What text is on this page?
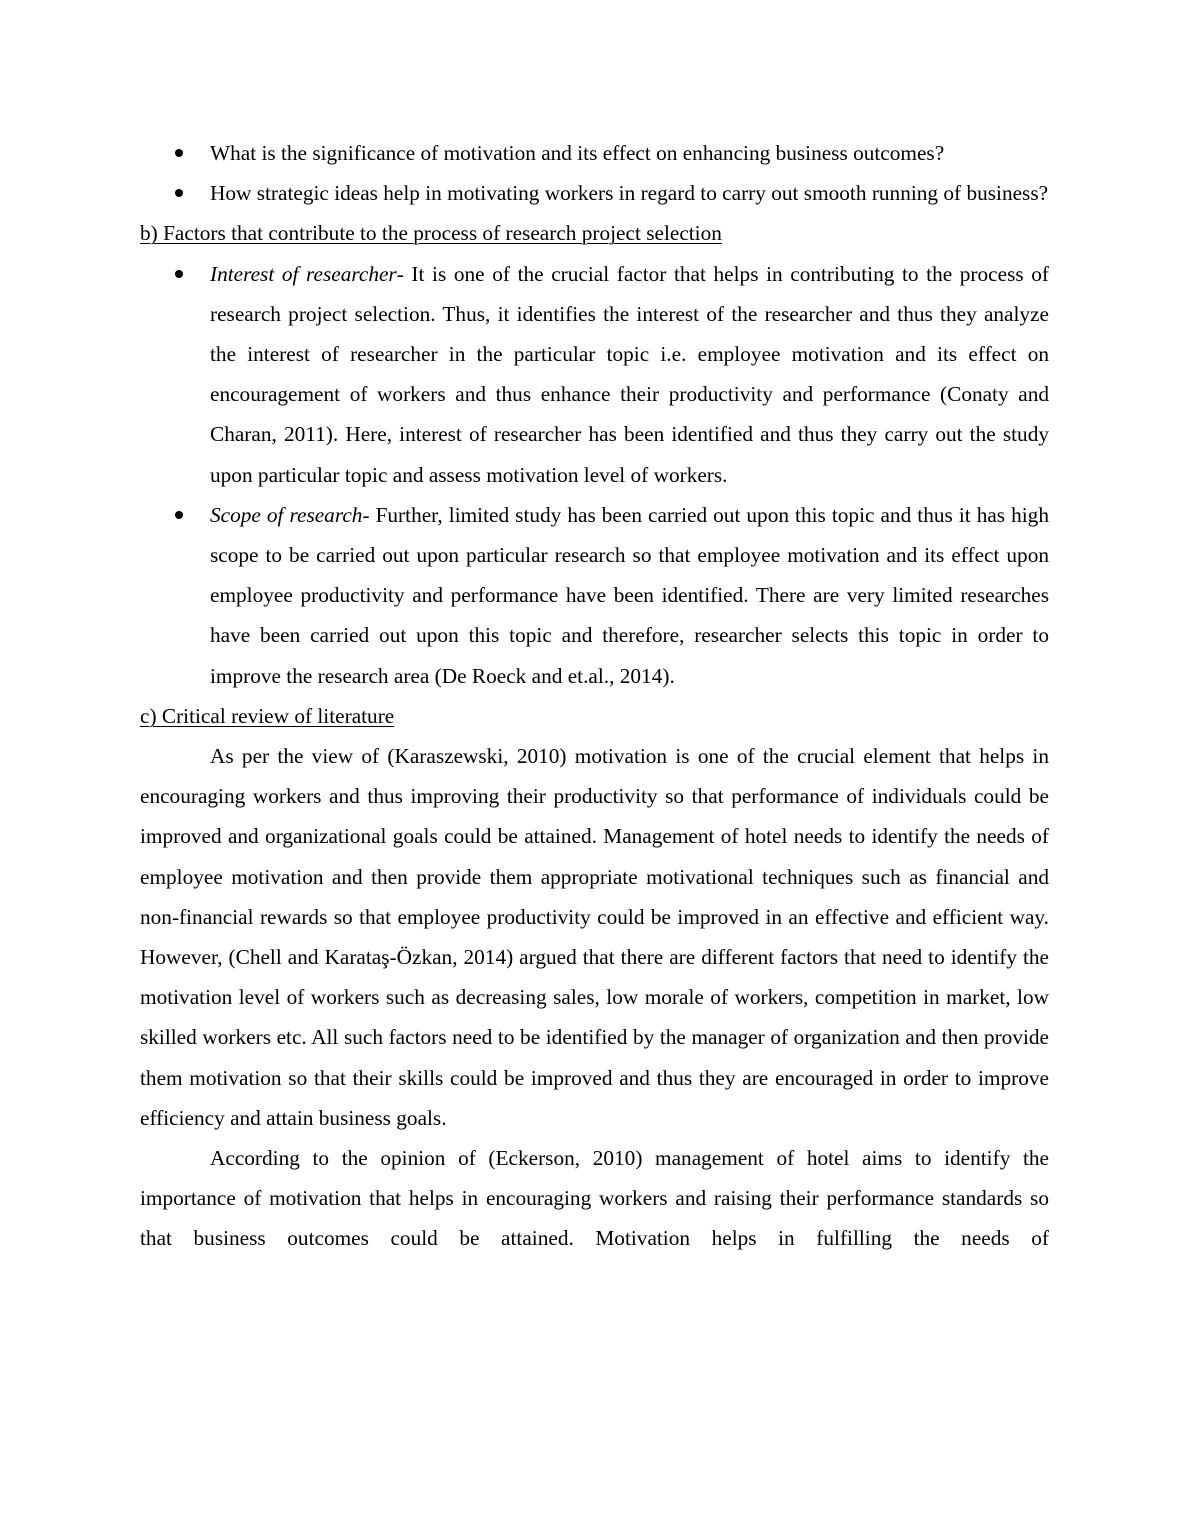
What is the significance of motivation and its effect on enhancing business outcomes?
How strategic ideas help in motivating workers in regard to carry out smooth running of business?
b) Factors that contribute to the process of research project selection
Interest of researcher- It is one of the crucial factor that helps in contributing to the process of research project selection. Thus, it identifies the interest of the researcher and thus they analyze the interest of researcher in the particular topic i.e. employee motivation and its effect on encouragement of workers and thus enhance their productivity and performance (Conaty and Charan, 2011). Here, interest of researcher has been identified and thus they carry out the study upon particular topic and assess motivation level of workers.
Scope of research- Further, limited study has been carried out upon this topic and thus it has high scope to be carried out upon particular research so that employee motivation and its effect upon employee productivity and performance have been identified. There are very limited researches have been carried out upon this topic and therefore, researcher selects this topic in order to improve the research area (De Roeck and et.al., 2014).
c) Critical review of literature

As per the view of (Karaszewski, 2010) motivation is one of the crucial element that helps in encouraging workers and thus improving their productivity so that performance of individuals could be improved and organizational goals could be attained. Management of hotel needs to identify the needs of employee motivation and then provide them appropriate motivational techniques such as financial and non-financial rewards so that employee productivity could be improved in an effective and efficient way. However, (Chell and Karataş-Özkan, 2014) argued that there are different factors that need to identify the motivation level of workers such as decreasing sales, low morale of workers, competition in market, low skilled workers etc. All such factors need to be identified by the manager of organization and then provide them motivation so that their skills could be improved and thus they are encouraged in order to improve efficiency and attain business goals.

According to the opinion of (Eckerson, 2010) management of hotel aims to identify the importance of motivation that helps in encouraging workers and raising their performance standards so that business outcomes could be attained. Motivation helps in fulfilling the needs of
